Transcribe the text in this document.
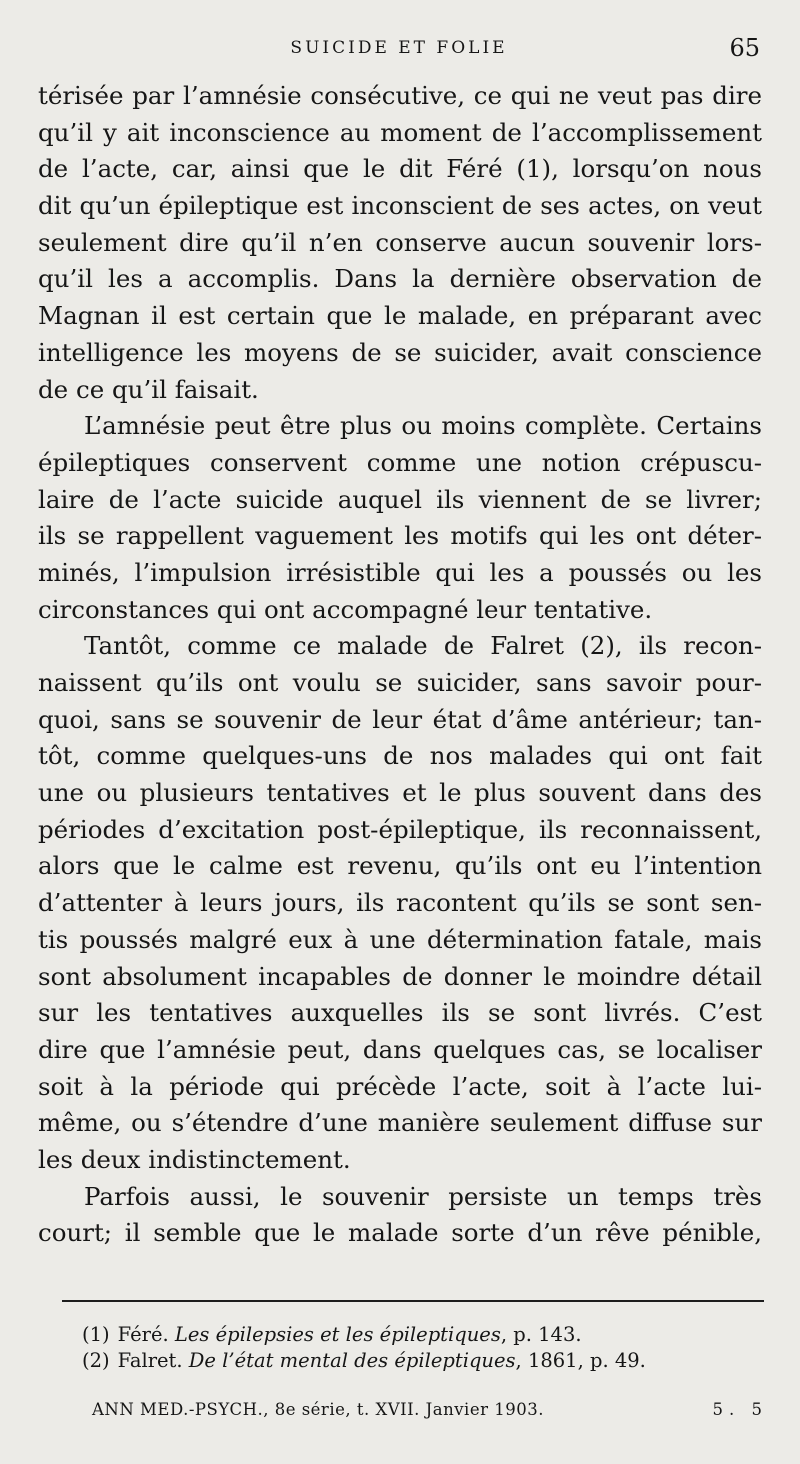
SUICIDE ET FOLIE	65
térisée par l’amnésie consécutive, ce qui ne veut pas dire
qu’il y ait inconscience au moment de l’accomplissement
de l’acte, car, ainsi que le dit Féré (1), lorsqu’on nous
dit qu’un épileptique est inconscient de ses actes, on veut
seulement dire qu’il n’en conserve aucun souvenir lors-
qu’il les a accomplis. Dans la dernière observation de
Magnan il est certain que le malade, en préparant avec
intelligence les moyens de se suicider, avait conscience
de ce qu’il faisait.
L’amnésie peut être plus ou moins complète. Certains
épileptiques conservent comme une notion crépuscu-
laire de l’acte suicide auquel ils viennent de se livrer;
ils se rappellent vaguement les motifs qui les ont déter-
minés, l’impulsion irrésistible qui les a poussés ou les
circonstances qui ont accompagné leur tentative.
Tantôt, comme ce malade de Falret (2), ils recon-
naissent qu’ils ont voulu se suicider, sans savoir pour-
quoi, sans se souvenir de leur état d’âme antérieur; tan-
tôt, comme quelques-uns de nos malades qui ont fait
une ou plusieurs tentatives et le plus souvent dans des
périodes d’excitation post-épileptique, ils reconnaissent,
alors que le calme est revenu, qu’ils ont eu l’intention
d’attenter à leurs jours, ils racontent qu’ils se sont sen-
tis poussés malgré eux à une détermination fatale, mais
sont absolument incapables de donner le moindre détail
sur les tentatives auxquelles ils se sont livrés. C’est
dire que l’amnésie peut, dans quelques cas, se localiser
soit à la période qui précède l’acte, soit à l’acte lui-
même, ou s’étendre d’une manière seulement diffuse sur
les deux indistinctement.
Parfois aussi, le souvenir persiste un temps très
court; il semble que le malade sorte d’un rêve pénible,
(1) Féré. Les épilepsies et les épileptiques, p. 143.
(2) Falret. De l’état mental des épileptiques, 1861, p. 49.
ANN MED.-PSYCH., 8e série, t. XVII. Janvier 1903.	5. 5
